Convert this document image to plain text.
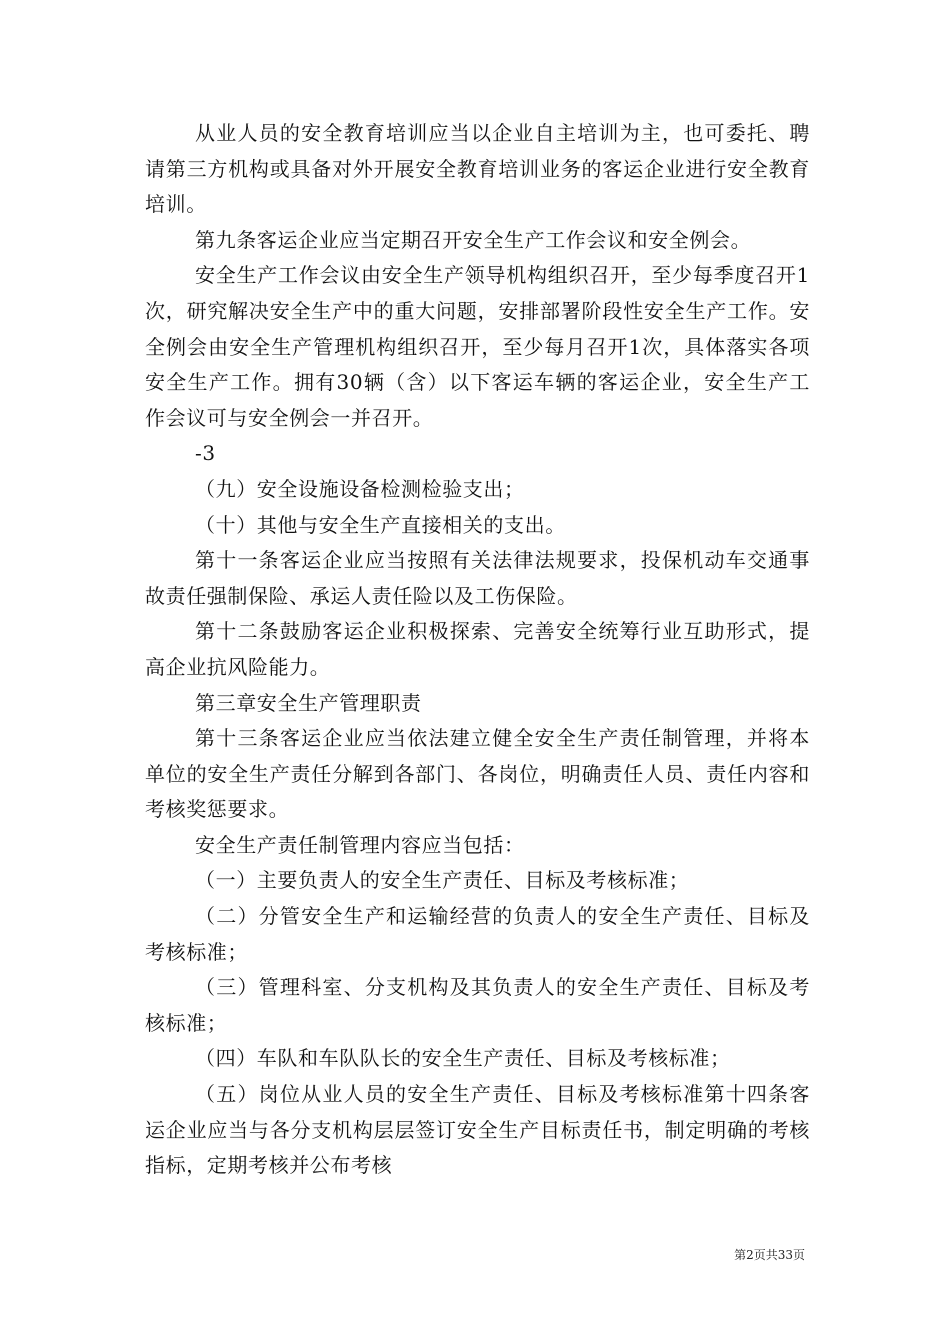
从业人员的安全教育培训应当以企业自主培训为主，也可委托、聘请第三方机构或具备对外开展安全教育培训业务的客运企业进行安全教育培训。

第九条客运企业应当定期召开安全生产工作会议和安全例会。

安全生产工作会议由安全生产领导机构组织召开，至少每季度召开1次，研究解决安全生产中的重大问题，安排部署阶段性安全生产工作。安全例会由安全生产管理机构组织召开，至少每月召开1次，具体落实各项安全生产工作。拥有30辆（含）以下客运车辆的客运企业，安全生产工作会议可与安全例会一并召开。

-3

（九）安全设施设备检测检验支出；

（十）其他与安全生产直接相关的支出。

第十一条客运企业应当按照有关法律法规要求，投保机动车交通事故责任强制保险、承运人责任险以及工伤保险。

第十二条鼓励客运企业积极探索、完善安全统筹行业互助形式，提高企业抗风险能力。

第三章安全生产管理职责

第十三条客运企业应当依法建立健全安全生产责任制管理，并将本单位的安全生产责任分解到各部门、各岗位，明确责任人员、责任内容和考核奖惩要求。

安全生产责任制管理内容应当包括：

（一）主要负责人的安全生产责任、目标及考核标准；

（二）分管安全生产和运输经营的负责人的安全生产责任、目标及考核标准；

（三）管理科室、分支机构及其负责人的安全生产责任、目标及考核标准；

（四）车队和车队队长的安全生产责任、目标及考核标准；

（五）岗位从业人员的安全生产责任、目标及考核标准第十四条客运企业应当与各分支机构层层签订安全生产目标责任书，制定明确的考核指标，定期考核并公布考核

第2页共33页
